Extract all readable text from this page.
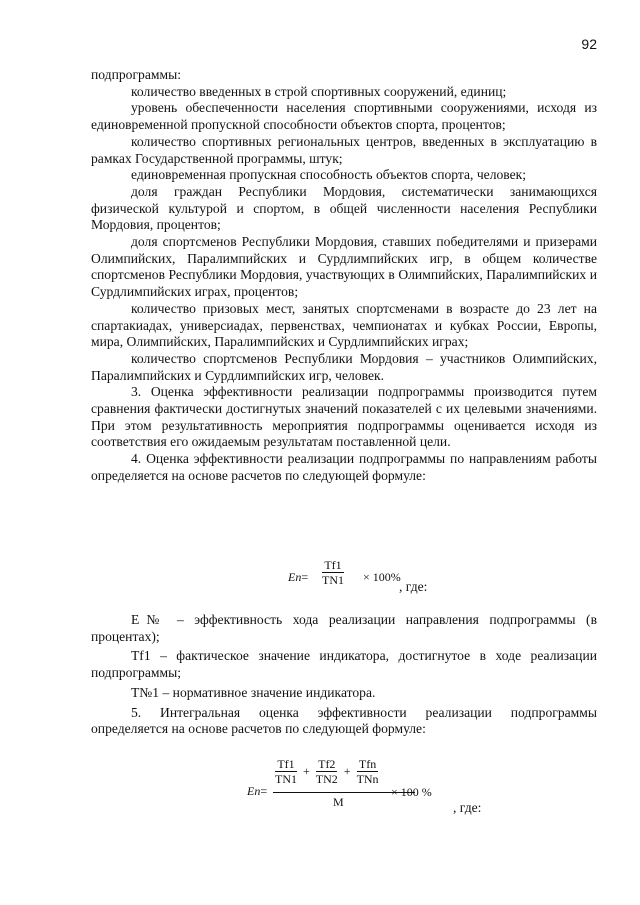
92

подпрограммы:

количество введенных в строй спортивных сооружений, единиц;

уровень обеспеченности населения спортивными сооружениями, исходя из единовременной пропускной способности объектов спорта, процентов;

количество спортивных региональных центров, введенных в эксплуатацию в рамках Государственной программы, штук;

единовременная пропускная способность объектов спорта, человек;

доля граждан Республики Мордовия, систематически занимающихся физической культурой и спортом, в общей численности населения Республики Мордовия, процентов;

доля спортсменов Республики Мордовия, ставших победителями и призерами Олимпийских, Паралимпийских и Сурдлимпийских игр, в общем количестве спортсменов Республики Мордовия, участвующих в Олимпийских, Паралимпийских и Сурдлимпийских играх, процентов;

количество призовых мест, занятых спортсменами в возрасте до 23 лет на спартакиадах, универсиадах, первенствах, чемпионатах и кубках России, Европы, мира, Олимпийских, Паралимпийских и Сурдлимпийских играх;

количество спортсменов Республики Мордовия – участников Олимпийских, Паралимпийских и Сурдлимпийских игр, человек.

3. Оценка эффективности реализации подпрограммы производится путем сравнения фактически достигнутых значений показателей с их целевыми значениями. При этом результативность мероприятия подпрограммы оценивается исходя из соответствия его ожидаемым результатам поставленной цели.

4. Оценка эффективности реализации подпрограммы по направлениям работы определяется на основе расчетов по следующей формуле:

$En= \frac{Tf1}{TN1} \times 100\%$
, где:

E№ – эффективность хода реализации направления подпрограммы (в процентах);

Tf1 – фактическое значение индикатора, достигнутое в ходе реализации подпрограммы;

T№1 – нормативное значение индикатора.

5. Интегральная оценка эффективности реализации подпрограммы определяется на основе расчетов по следующей формуле:

En=
$\frac{Tf1}{TN1} + \frac{Tf2}{TN2} + \frac{\text{Tfn}}{\text{TNn}}$
M
× 100 %
, где:
